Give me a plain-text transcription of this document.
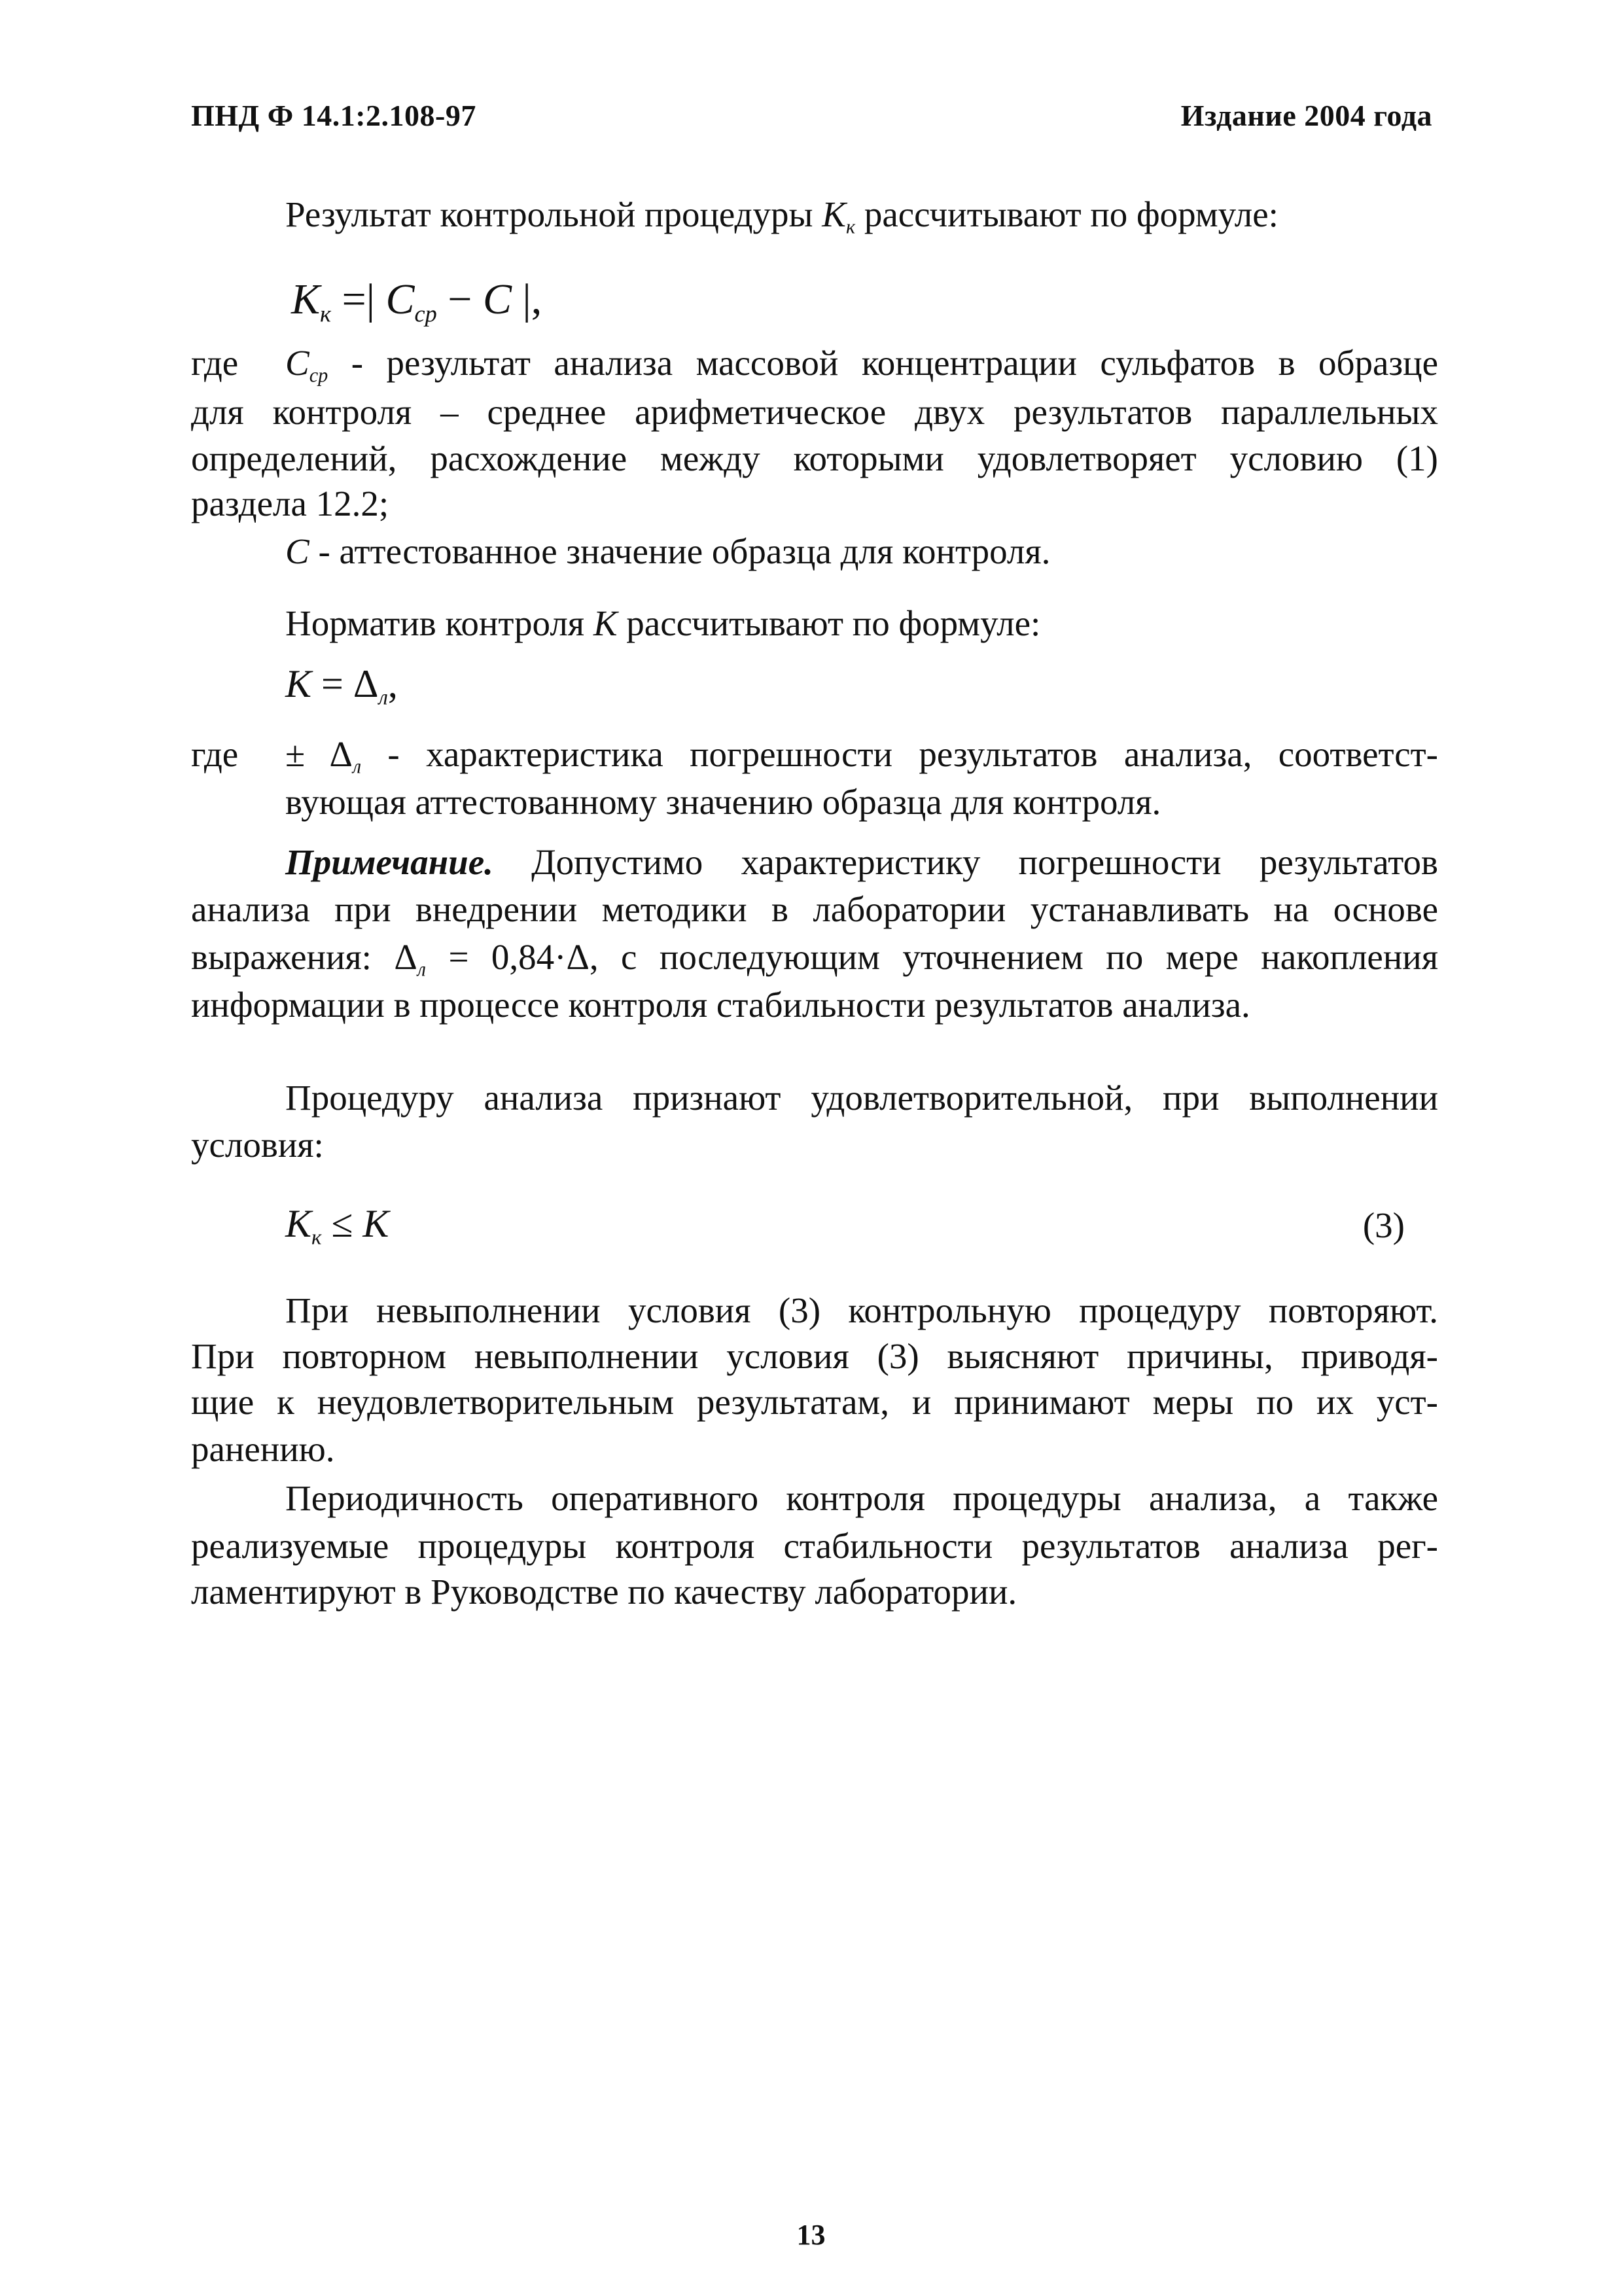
ПНД Ф 14.1:2.108-97	Издание 2004 года
Результат контрольной процедуры $K_к$ рассчитывают по формуле:
$K_к$ =| $C_{ср} - C$ |,
где $C_{ср}$ - результат анализа массовой концентрации сульфатов в образце
для контроля – среднее арифметическое двух результатов параллельных
определений, расхождение между которыми удовлетворяет условию (1)
раздела 12.2;
C - аттестованное значение образца для контроля.
Норматив контроля K рассчитывают по формуле:
$K = \Delta_л$,
где ± $\Delta_л$ - характеристика погрешности результатов анализа, соответст-
вующая аттестованному значению образца для контроля.
Примечание. Допустимо характеристику погрешности результатов
анализа при внедрении методики в лаборатории устанавливать на основе
выражения: $\Delta_л = 0,84\cdot\Delta$, с последующим уточнением по мере накопления
информации в процессе контроля стабильности результатов анализа.
Процедуру анализа признают удовлетворительной, при выполнении
условия:
$K_к \le K$	(3)
При невыполнении условия (3) контрольную процедуру повторяют.
При повторном невыполнении условия (3) выясняют причины, приводя-
щие к неудовлетворительным результатам, и принимают меры по их уст-
ранению.
Периодичность оперативного контроля процедуры анализа, а также
реализуемые процедуры контроля стабильности результатов анализа рег-
ламентируют в Руководстве по качеству лаборатории.
13
